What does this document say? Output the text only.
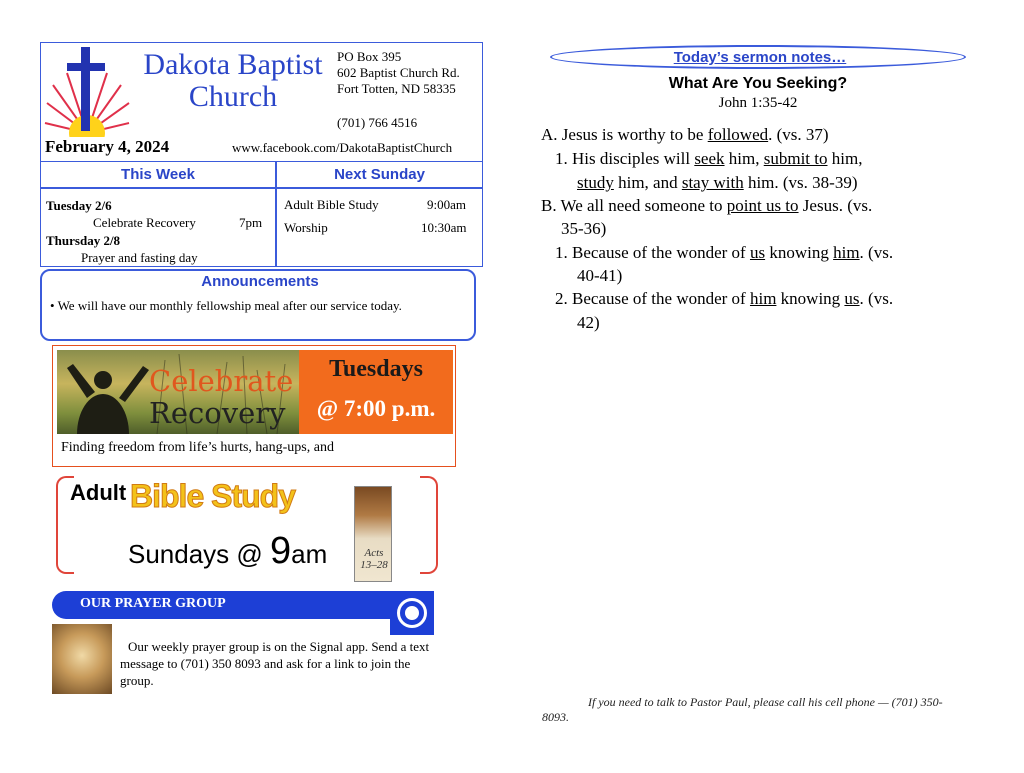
Dakota Baptist
Church
PO Box 395
602 Baptist Church Rd.
Fort Totten, ND 58335
(701) 766 4516
February 4, 2024	www.facebook.com/DakotaBaptistChurch
This Week	Next Sunday
Tuesday 2/6
Celebrate Recovery	7pm
Thursday 2/8
Prayer and fasting day
Adult Bible Study	9:00am
Worship	10:30am
Announcements
• We will have our monthly fellowship meal after our service today.
Celebrate
Recovery
Tuesdays
@ 7:00 p.m.
Finding freedom from life’s hurts, hang-ups, and
Adult Bible Study
Sundays @ 9am	Acts 13–28
OUR PRAYER GROUP
Our weekly prayer group is on the Signal app. Send a text message to (701) 350 8093 and ask for a link to join the group.
Today’s sermon notes…
What Are You Seeking?
John 1:35-42
A. Jesus is worthy to be followed. (vs. 37)
1. His disciples will seek him, submit to him,
study him, and stay with him. (vs. 38-39)
B. We all need someone to point us to Jesus. (vs.
35-36)
1. Because of the wonder of us knowing him. (vs.
40-41)
2. Because of the wonder of him knowing us. (vs.
42)
If you need to talk to Pastor Paul, please call his cell phone — (701) 350-8093.
